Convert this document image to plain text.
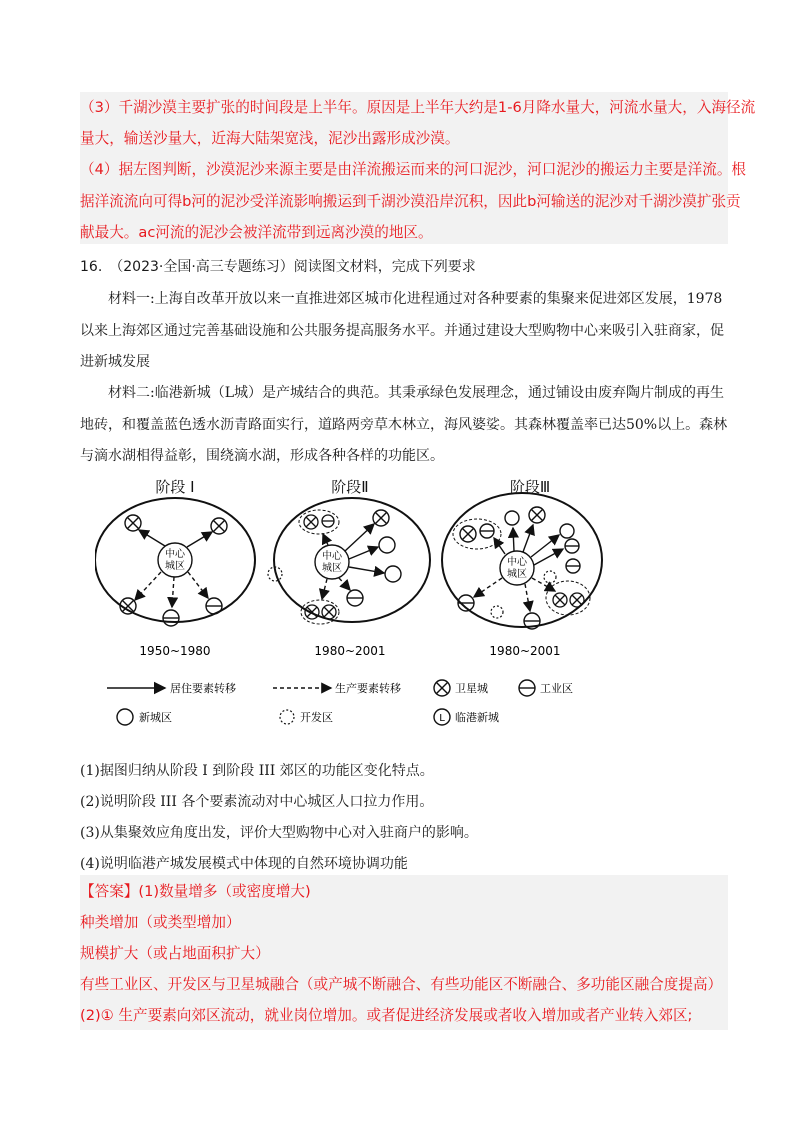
（3）千湖沙漠主要扩张的时间段是上半年。原因是上半年大约是1-6月降水量大，河流水量大，入海径流
量大，输送沙量大，近海大陆架宽浅，泥沙出露形成沙漠。
（4）据左图判断，沙漠泥沙来源主要是由洋流搬运而来的河口泥沙，河口泥沙的搬运力主要是洋流。根
据洋流流向可得b河的泥沙受洋流影响搬运到千湖沙漠沿岸沉积，因此b河输送的泥沙对千湖沙漠扩张贡
献最大。ac河流的泥沙会被洋流带到远离沙漠的地区。
16.　（2023·全国·高三专题练习）阅读图文材料，完成下列要求
材料一:上海自改革开放以来一直推进郊区城市化进程通过对各种要素的集聚来促进郊区发展，1978
以来上海郊区通过完善基础设施和公共服务提高服务水平。并通过建设大型购物中心来吸引入驻商家，促
进新城发展
材料二:临港新城（L城）是产城结合的典范。其秉承绿色发展理念，通过铺设由废弃陶片制成的再生
地砖，和覆盖蓝色透水沥青路面实行，道路两旁草木林立，海风婆娑。其森林覆盖率已达50%以上。森林
与滴水湖相得益彰，围绕滴水湖，形成各种各样的功能区。
阶段 I	阶段Ⅱ	阶段Ⅲ
中心
城区
1950~1980
中心
城区
1980~2001
中心
城区
1980~2001
居住要素转移	生产要素转移	卫星城	工业区
新城区	开发区	L 临港新城
(1)据图归纳从阶段 I 到阶段 III 郊区的功能区变化特点。
(2)说明阶段 III 各个要素流动对中心城区人口拉力作用。
(3)从集聚效应角度出发，评价大型购物中心对入驻商户的影响。
(4)说明临港产城发展模式中体现的自然环境协调功能
【答案】(1)数量增多（或密度增大)
种类增加（或类型增加）
规模扩大（或占地面积扩大）
有些工业区、开发区与卫星城融合（或产城不断融合、有些功能区不断融合、多功能区融合度提高）
(2)① 生产要素向郊区流动，就业岗位增加。或者促进经济发展或者收入增加或者产业转入郊区;
